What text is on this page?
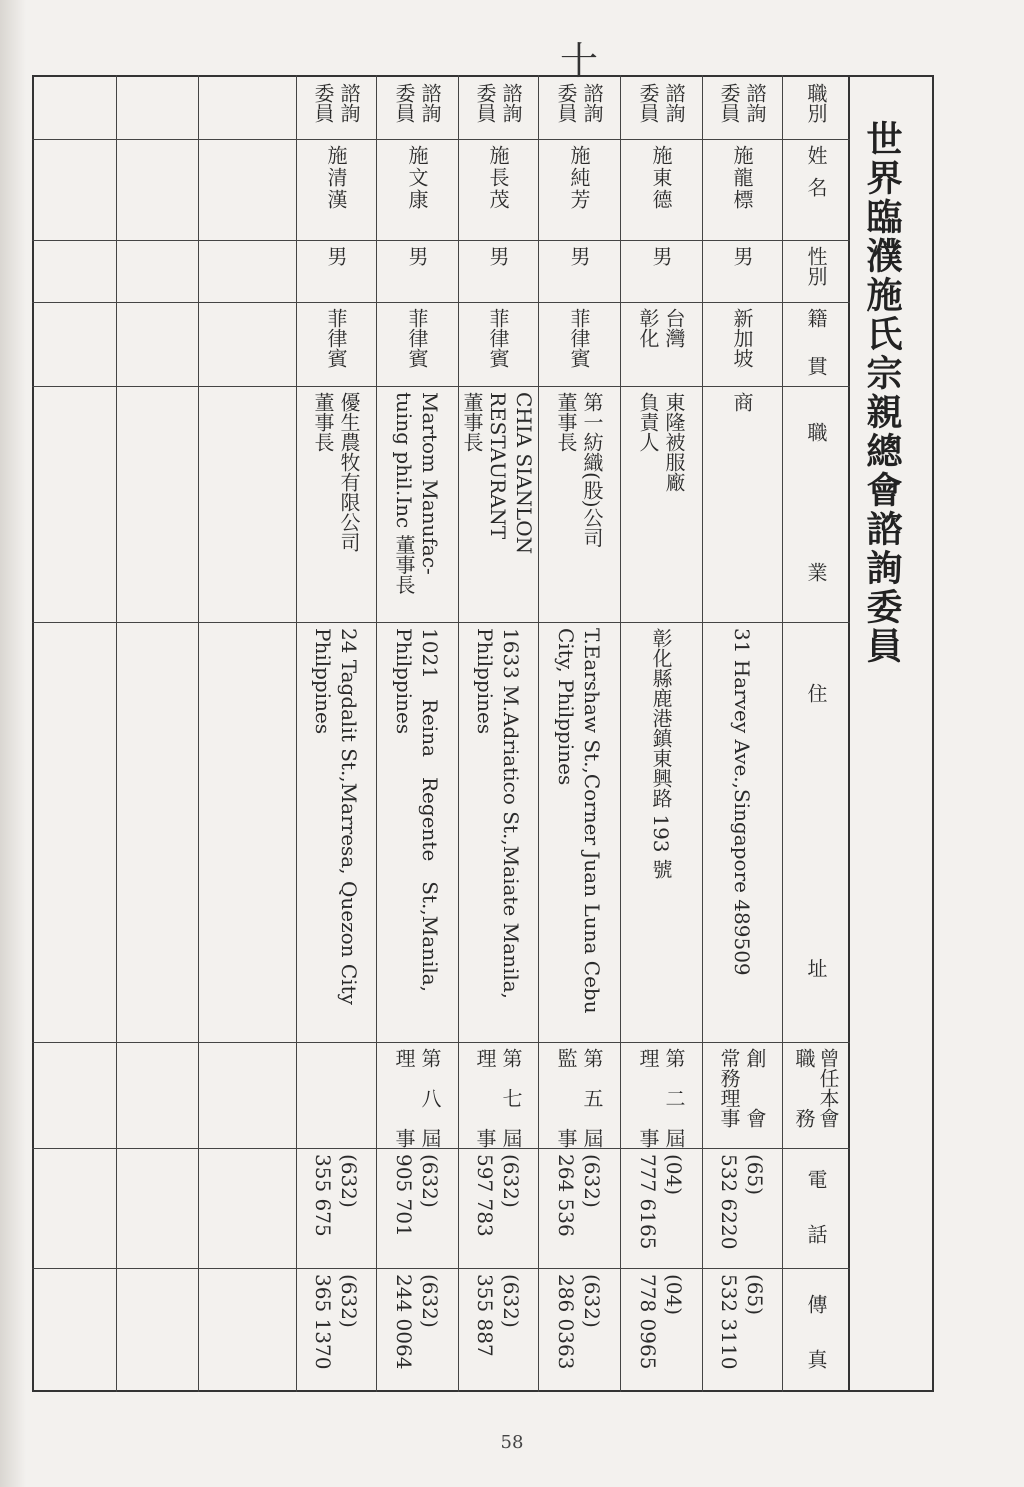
十
世界臨濮施氏宗親總會諮詢委員
職別
姓名
性別
籍貫
職
業
住
址
曾任本會
職　　務
電
話
傳
真
諮詢
委員
施龍標
男
新加坡
商
31 Harvey Ave.,Singapore 489509
創　　會
常務理事
(65)
532 6220
(65)
532 3110
諮詢
委員
施東德
男
台灣
彰化
東隆被服廠
負責人
彰化縣鹿港鎮東興路 193 號
第　二　屆
理　　　事
(04)
777 6165
(04)
778 0965
諮詢
委員
施純芳
男
菲律賓
第一紡織(股)公司
董事長
T.Earshaw St.,Corner Juan Luna Cebu
City, Philppines
第　五　屆
監　　　事
(632)
264 536
(632)
286 0363
諮詢
委員
施長茂
男
菲律賓
CHIA SIANLON
RESTAURANT
董事長
1633 M.Adriatico St.,Maiate Manila,
Philppines
第　七　屆
理　　　事
(632)
597 783
(632)
355 887
諮詢
委員
施文康
男
菲律賓
Martom Manufac-
tuing phil.Inc 董事長
1021　Reina　Regente　St.,Manila,
Philppines
第　八　屆
理　　　事
(632)
905 701
(632)
244 0064
諮詢
委員
施清漢
男
菲律賓
優生農牧有限公司
董事長
24 Tagdalit St.,Marresa, Quezon City
Philppines
(632)
355 675
(632)
365 1370
58
